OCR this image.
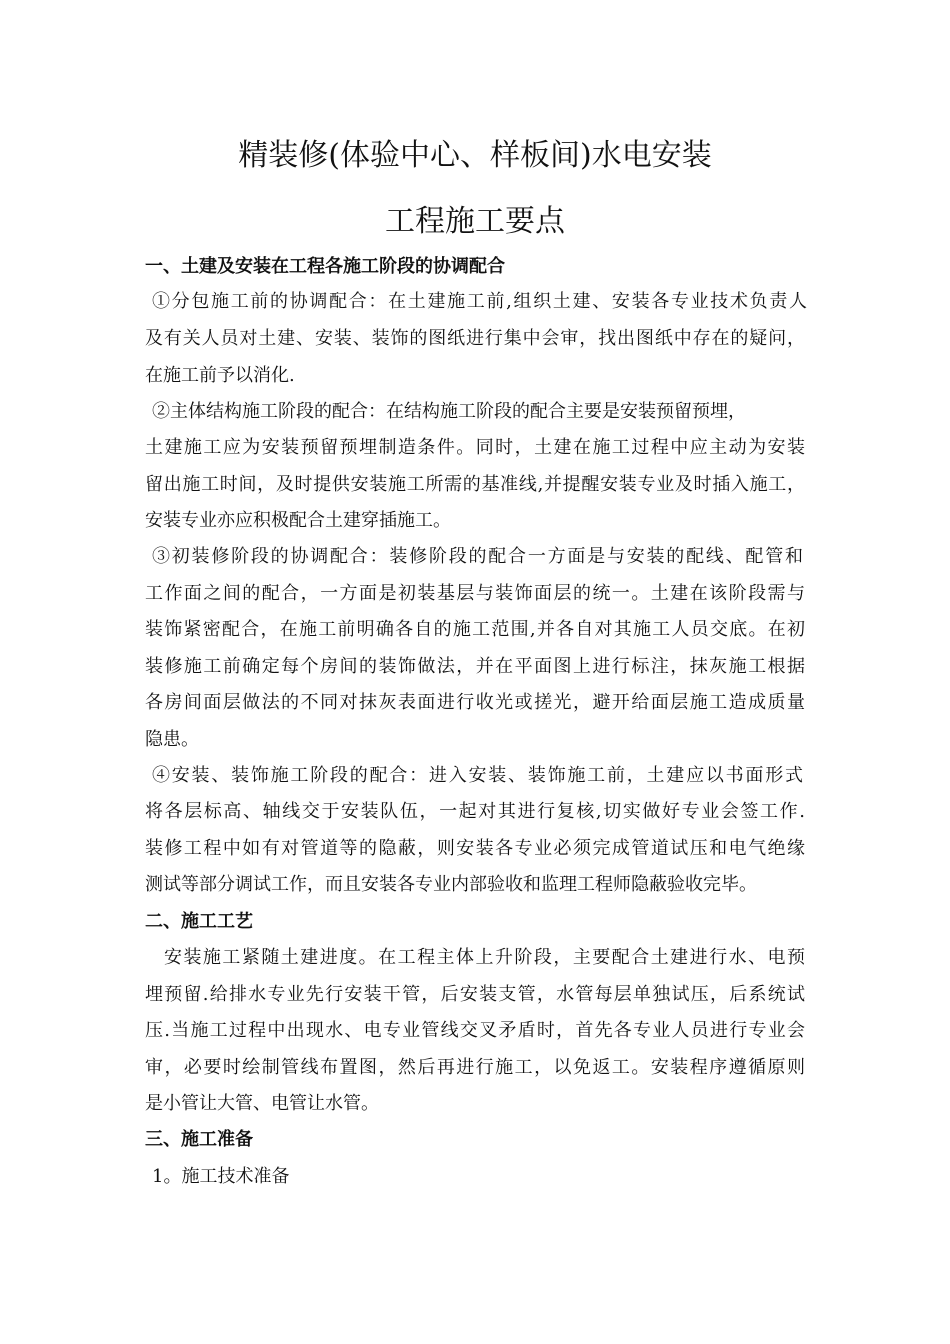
精装修(体验中心、样板间)水电安装
工程施工要点
一、土建及安装在工程各施工阶段的协调配合
①分包施工前的协调配合：在土建施工前,组织土建、安装各专业技术负责人
及有关人员对土建、安装、装饰的图纸进行集中会审，找出图纸中存在的疑问，
在施工前予以消化.
②主体结构施工阶段的配合：在结构施工阶段的配合主要是安装预留预埋，
土建施工应为安装预留预埋制造条件。同时，土建在施工过程中应主动为安装
留出施工时间，及时提供安装施工所需的基准线,并提醒安装专业及时插入施工，
安装专业亦应积极配合土建穿插施工。
③初装修阶段的协调配合：装修阶段的配合一方面是与安装的配线、配管和
工作面之间的配合，一方面是初装基层与装饰面层的统一。土建在该阶段需与
装饰紧密配合，在施工前明确各自的施工范围,并各自对其施工人员交底。在初
装修施工前确定每个房间的装饰做法，并在平面图上进行标注，抹灰施工根据
各房间面层做法的不同对抹灰表面进行收光或搓光，避开给面层施工造成质量
隐患。
④安装、装饰施工阶段的配合：进入安装、装饰施工前，土建应以书面形式
将各层标高、轴线交于安装队伍，一起对其进行复核,切实做好专业会签工作.
装修工程中如有对管道等的隐蔽，则安装各专业必须完成管道试压和电气绝缘
测试等部分调试工作，而且安装各专业内部验收和监理工程师隐蔽验收完毕。
二、施工工艺
安装施工紧随土建进度。在工程主体上升阶段，主要配合土建进行水、电预
埋预留.给排水专业先行安装干管，后安装支管，水管每层单独试压，后系统试
压.当施工过程中出现水、电专业管线交叉矛盾时，首先各专业人员进行专业会
审，必要时绘制管线布置图，然后再进行施工，以免返工。安装程序遵循原则
是小管让大管、电管让水管。
三、施工准备
1。施工技术准备
